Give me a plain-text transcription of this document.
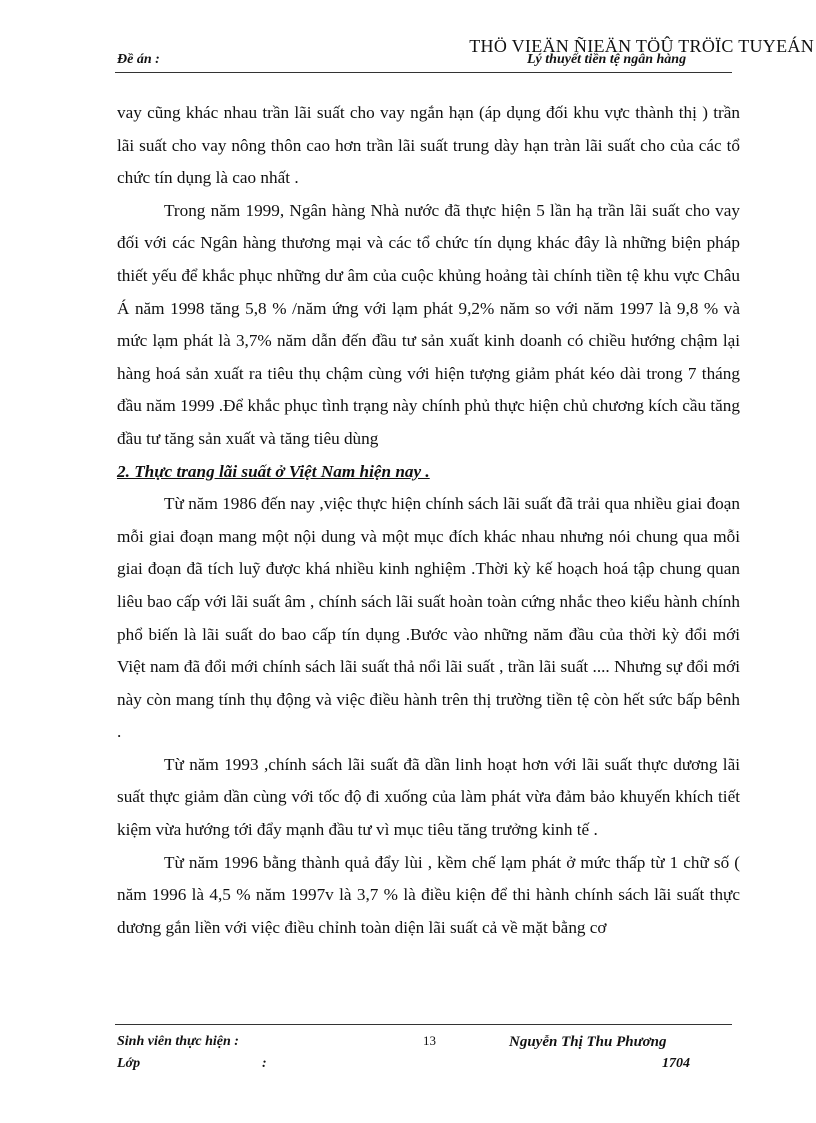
THÖ VIEÄN ÑIEÄN TÖÛ TRÖÏC TUYEÁN
Đề án :	Lý thuyết tiền tệ ngân hàng

vay cũng khác nhau trần lãi suất cho vay ngắn hạn (áp dụng đối khu vực thành thị ) trần lãi suất cho vay nông thôn cao hơn trần lãi suất trung dày hạn tràn lãi suất cho của các tổ chức tín dụng là cao nhất .

Trong năm 1999, Ngân hàng Nhà nước đã thực hiện 5 lần hạ trần lãi suất cho vay đối với các Ngân hàng thương mại và các tổ chức tín dụng khác đây là những biện pháp thiết yếu để khắc phục những dư âm của cuộc khủng hoảng tài chính tiền tệ khu vực Châu Á năm 1998 tăng 5,8 % /năm ứng với lạm phát 9,2% năm so với năm 1997 là 9,8 % và mức lạm phát là 3,7% năm dẫn đến đầu tư sản xuất kinh doanh có chiều hướng chậm lại hàng hoá sản xuất ra tiêu thụ chậm cùng với hiện tượng giảm phát kéo dài trong 7 tháng đầu năm 1999 .Để khắc phục tình trạng này chính phủ thực hiện chủ chương kích cầu tăng đầu tư tăng sản xuất và tăng tiêu dùng

2. Thực trang lãi suất ở Việt Nam hiện nay .

Từ năm 1986 đến nay ,việc thực hiện chính sách lãi suất đã trải qua nhiều giai đoạn mỗi giai đoạn mang một nội dung và một mục đích khác nhau nhưng nói chung qua mỗi giai đoạn đã tích luỹ được khá nhiều kinh nghiệm .Thời kỳ kế hoạch hoá tập chung quan liêu bao cấp với lãi suất âm , chính sách lãi suất hoàn toàn cứng nhắc theo kiểu hành chính phổ biến là lãi suất do bao cấp tín dụng .Bước vào những năm đầu của thời kỳ đổi mới Việt nam đã đổi mới chính sách lãi suất thả nổi lãi suất , trần lãi suất .... Nhưng sự đổi mới này còn mang tính thụ động và việc điều hành trên thị trường tiền tệ còn hết sức bấp bênh .

Từ năm 1993 ,chính sách lãi suất đã dần linh hoạt hơn với lãi suất thực dương lãi suất thực giảm dần cùng với tốc độ đi xuống của làm phát vừa đảm bảo khuyến khích tiết kiệm vừa hướng tới đẩy mạnh đầu tư vì mục tiêu tăng trưởng kinh tế .

Từ năm 1996 bằng thành quả đẩy lùi , kềm chế lạm phát ở mức thấp từ 1 chữ số ( năm 1996 là 4,5 % năm 1997v là 3,7 % là điều kiện để thi hành chính sách lãi suất thực dương gắn liền với việc điều chỉnh toàn diện lãi suất cả về mặt bằng cơ

Sinh viên thực hiện :	13	Nguyễn Thị Thu Phương
Lớp	:	1704
